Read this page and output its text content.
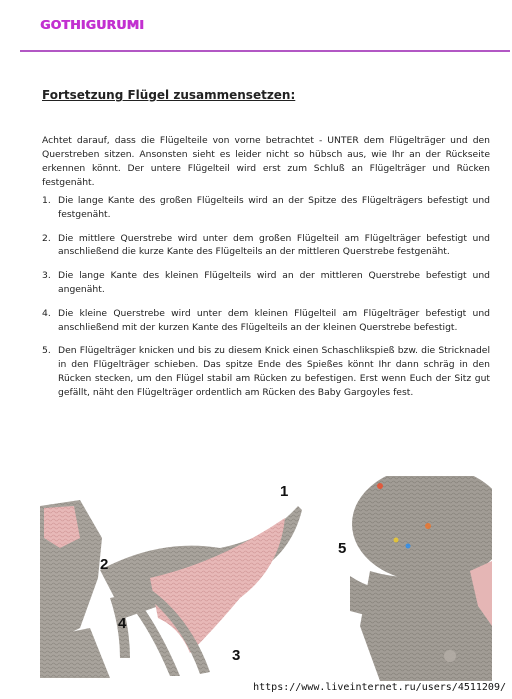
GOTHIGURUMI
Fortsetzung Flügel zusammensetzen:
Achtet darauf, dass die Flügelteile von vorne betrachtet - UNTER dem Flügelträger und den Querstreben sitzen. Ansonsten sieht es leider nicht so hübsch aus, wie Ihr an der Rückseite erkennen könnt. Der untere Flügelteil wird erst zum Schluß an Flügelträger und Rücken festgenäht.
1. Die lange Kante des großen Flügelteils wird an der Spitze des Flügelträgers befestigt und festgenäht.
2. Die mittlere Querstrebe wird unter dem großen Flügelteil am Flügelträger befestigt und anschließend die kurze Kante des Flügelteils an der mittleren Querstrebe festgenäht.
3. Die lange Kante des kleinen Flügelteils wird an der mittleren Querstrebe befestigt und angenäht.
4. Die kleine Querstrebe wird unter dem kleinen Flügelteil am Flügelträger befestigt und anschließend mit der kurzen Kante des Flügelteils an der kleinen Querstrebe befestigt.
5. Den Flügelträger knicken und bis zu diesem Knick einen Schaschlikspieß bzw. die Stricknadel in den Flügelträger schieben. Das spitze Ende des Spießes könnt Ihr dann schräg in den Rücken stecken, um den Flügel stabil am Rücken zu befestigen. Erst wenn Euch der Sitz gut gefällt, näht den Flügelträger ordentlich am Rücken des Baby Gargoyles fest.
1
2
3
4
5
https://www.liveinternet.ru/users/4511209/
